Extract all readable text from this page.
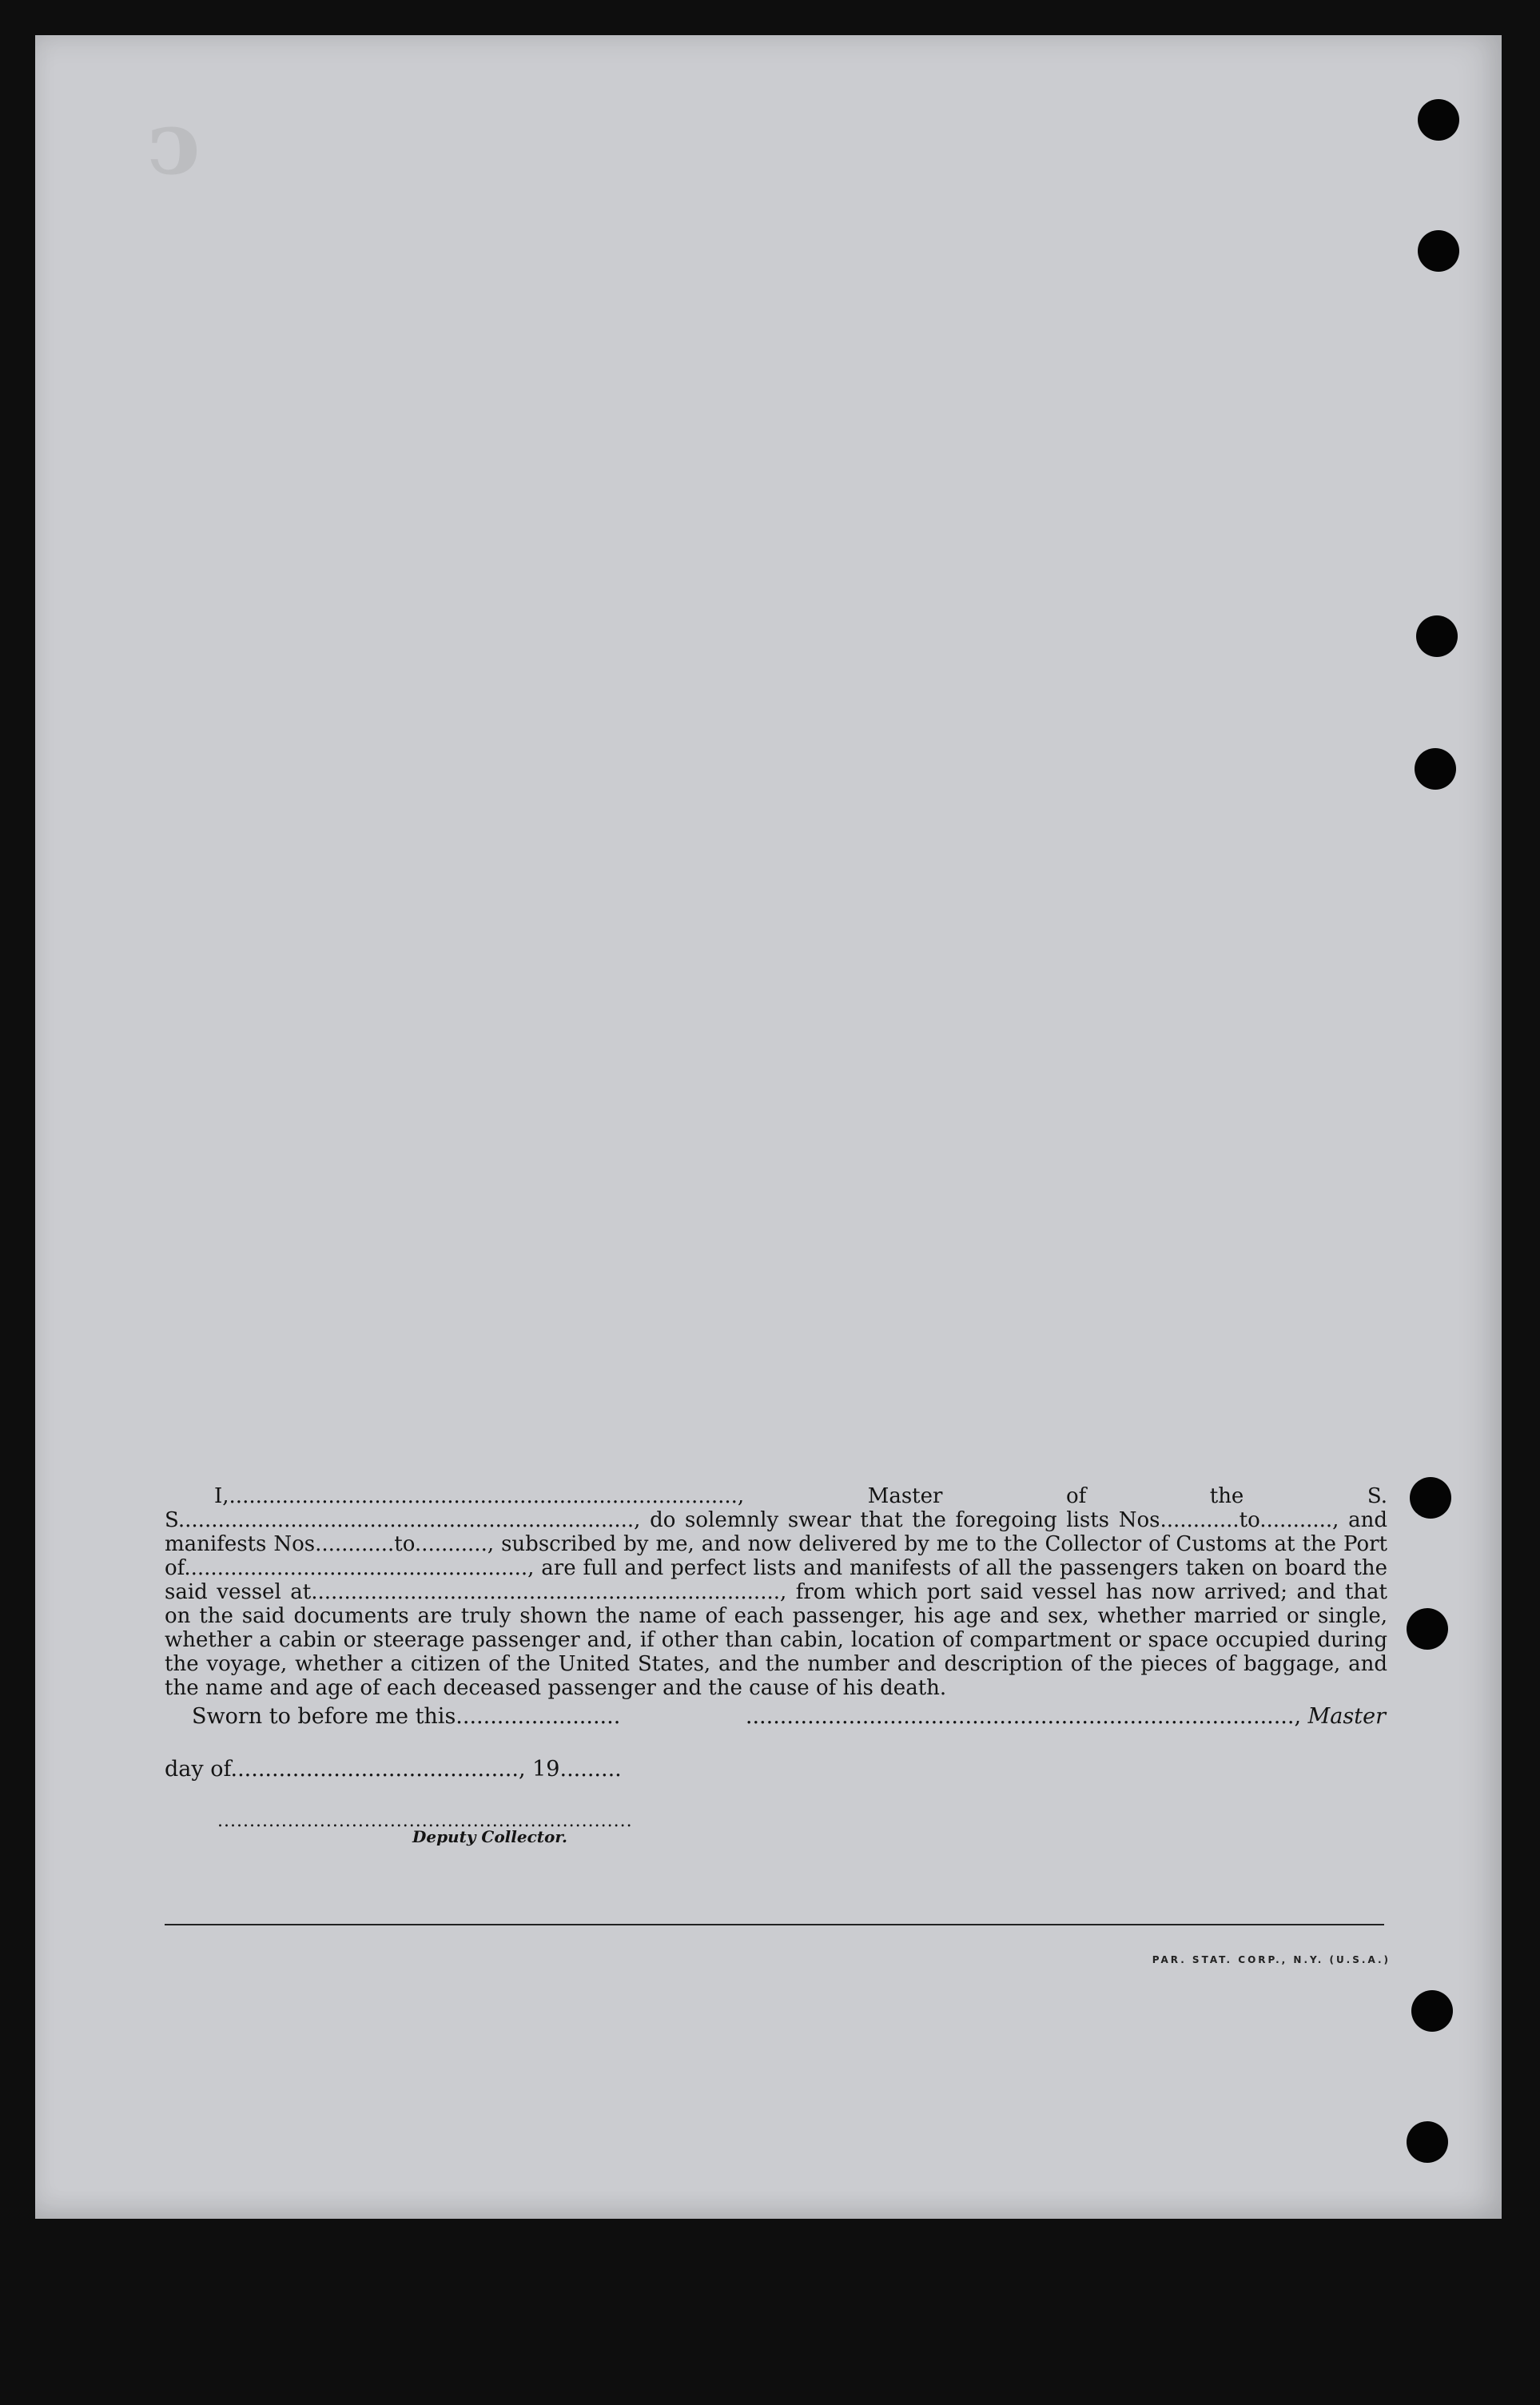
ↄ

I,............................................................................., Master of the S. S....................................................................., do solemnly swear that the foregoing lists Nos............to..........., and manifests Nos............to..........., subscribed by me, and now delivered by me to the Collector of Customs at the Port of...................................................., are full and perfect lists and manifests of all the passengers taken on board the said vessel at......................................................................., from which port said vessel has now arrived; and that on the said documents are truly shown the name of each passenger, his age and sex, whether married or single, whether a cabin or steerage passenger and, if other than cabin, location of compartment or space occupied during the voyage, whether a citizen of the United States, and the number and description of the pieces of baggage, and the name and age of each deceased passenger and the cause of his death.

Sworn to before me this........................	................................................................................, Master
day of.........................................., 19.........
.................................................................
Deputy Collector.
PAR. STAT. CORP., N.Y. (U.S.A.)
